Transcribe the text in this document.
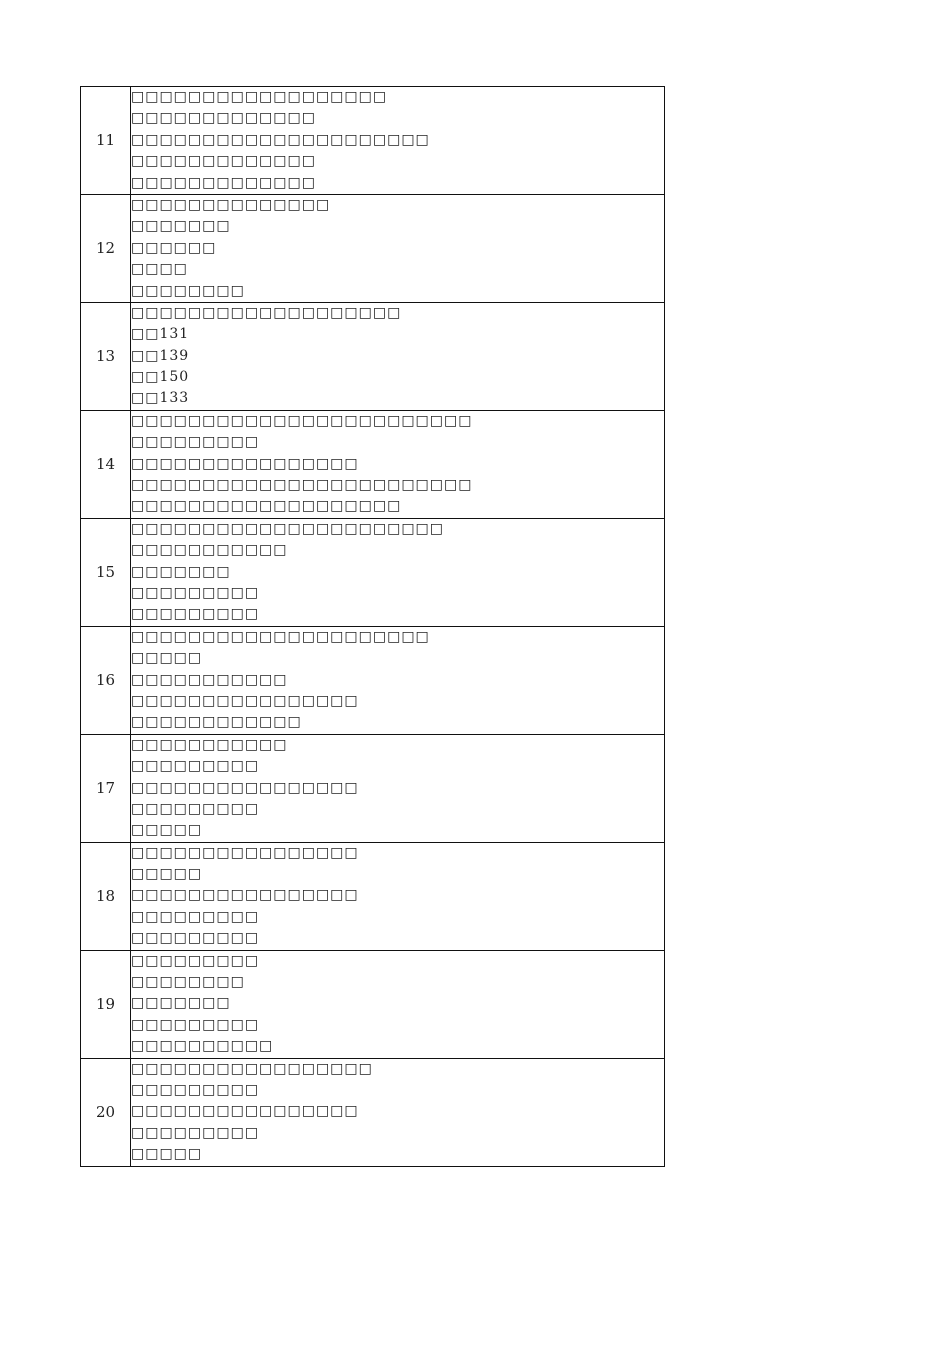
11	□□□□□□□□□□□□□□□□□□
□□□□□□□□□□□□□
□□□□□□□□□□□□□□□□□□□□□
□□□□□□□□□□□□□
□□□□□□□□□□□□□

12	□□□□□□□□□□□□□□
□□□□□□□
□□□□□□
□□□□
□□□□□□□□

13	□□□□□□□□□□□□□□□□□□□
□□131
□□139
□□150
□□133

14	□□□□□□□□□□□□□□□□□□□□□□□□
□□□□□□□□□
□□□□□□□□□□□□□□□□
□□□□□□□□□□□□□□□□□□□□□□□□
□□□□□□□□□□□□□□□□□□□

15	□□□□□□□□□□□□□□□□□□□□□□
□□□□□□□□□□□
□□□□□□□
□□□□□□□□□
□□□□□□□□□

16	□□□□□□□□□□□□□□□□□□□□□
□□□□□
□□□□□□□□□□□
□□□□□□□□□□□□□□□□
□□□□□□□□□□□□

17	□□□□□□□□□□□
□□□□□□□□□
□□□□□□□□□□□□□□□□
□□□□□□□□□
□□□□□

18	□□□□□□□□□□□□□□□□
□□□□□
□□□□□□□□□□□□□□□□
□□□□□□□□□
□□□□□□□□□

19	□□□□□□□□□
□□□□□□□□
□□□□□□□
□□□□□□□□□
□□□□□□□□□□

20	□□□□□□□□□□□□□□□□□
□□□□□□□□□
□□□□□□□□□□□□□□□□
□□□□□□□□□
□□□□□
